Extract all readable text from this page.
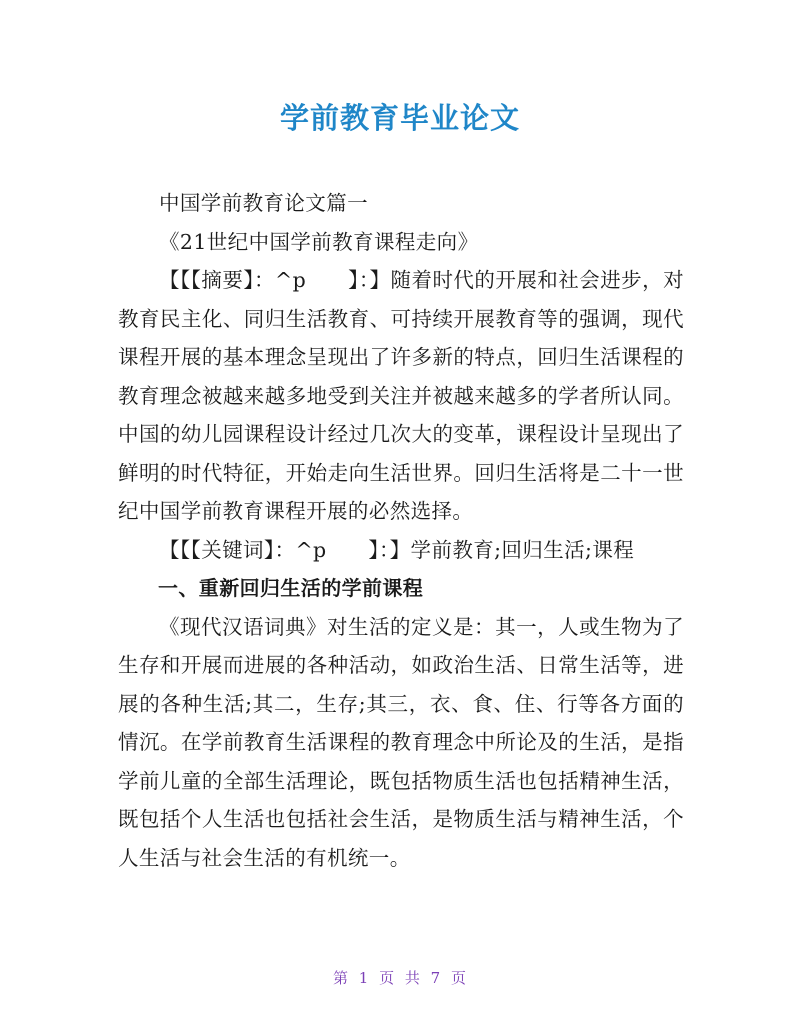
学前教育毕业论文

中国学前教育论文篇一

《21世纪中国学前教育课程走向》

【【【摘要】：^p　　】：】随着时代的开展和社会进步，对教育民主化、同归生活教育、可持续开展教育等的强调，现代课程开展的基本理念呈现出了许多新的特点，回归生活课程的教育理念被越来越多地受到关注并被越来越多的学者所认同。中国的幼儿园课程设计经过几次大的变革，课程设计呈现出了鲜明的时代特征，开始走向生活世界。回归生活将是二十一世纪中国学前教育课程开展的必然选择。

【【【关键词】：^p　　】：】学前教育;回归生活;课程

一、重新回归生活的学前课程

《现代汉语词典》对生活的定义是：其一，人或生物为了生存和开展而进展的各种活动，如政治生活、日常生活等，进展的各种生活;其二，生存;其三，衣、食、住、行等各方面的情沉。在学前教育生活课程的教育理念中所论及的生活，是指学前儿童的全部生活理论，既包括物质生活也包括精神生活，既包括个人生活也包括社会生活，是物质生活与精神生活，个人生活与社会生活的有机统一。

第 1 页 共 7 页
